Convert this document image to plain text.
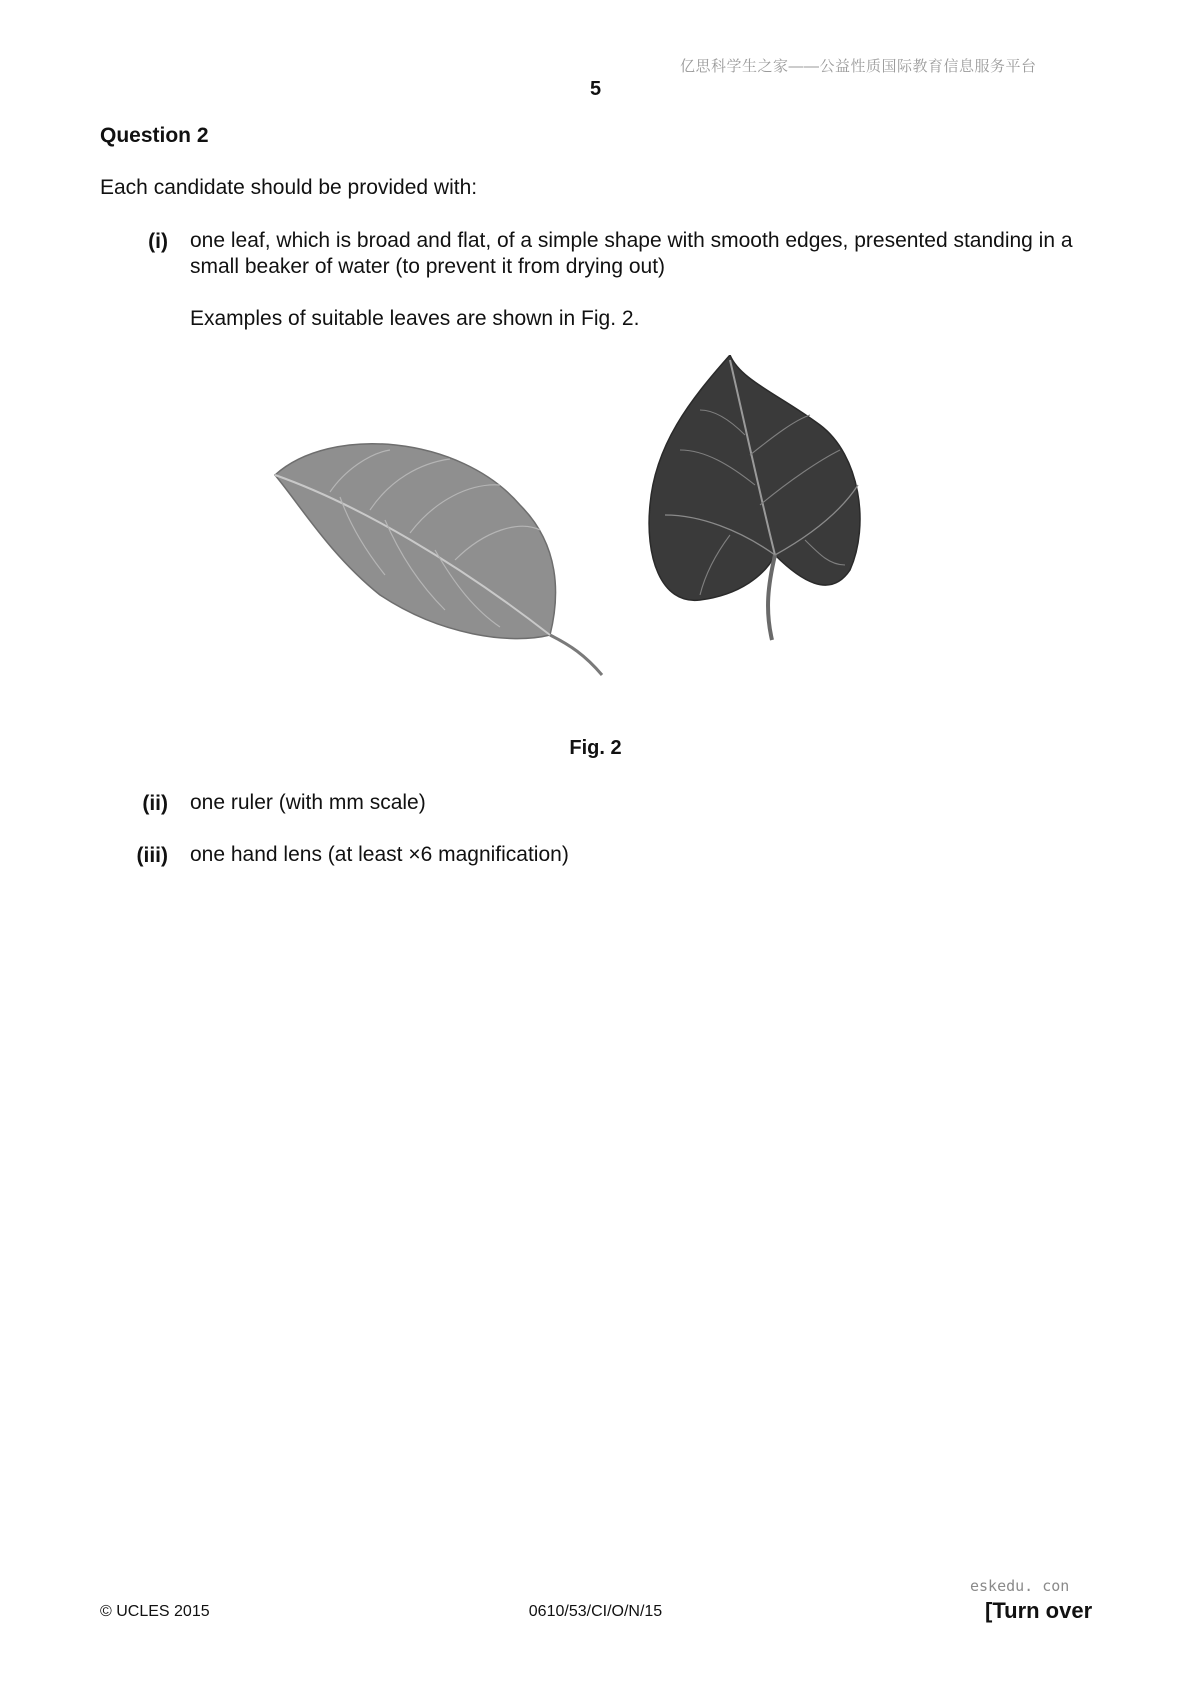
亿思科学生之家——公益性质国际教育信息服务平台
5
Question 2
Each candidate should be provided with:
(i) one leaf, which is broad and flat, of a simple shape with smooth edges, presented standing in a small beaker of water (to prevent it from drying out)
Examples of suitable leaves are shown in Fig. 2.
Fig. 2
(ii) one ruler (with mm scale)
(iii) one hand lens (at least ×6 magnification)
© UCLES 2015	0610/53/CI/O/N/15
eskedu. con
[Turn over
